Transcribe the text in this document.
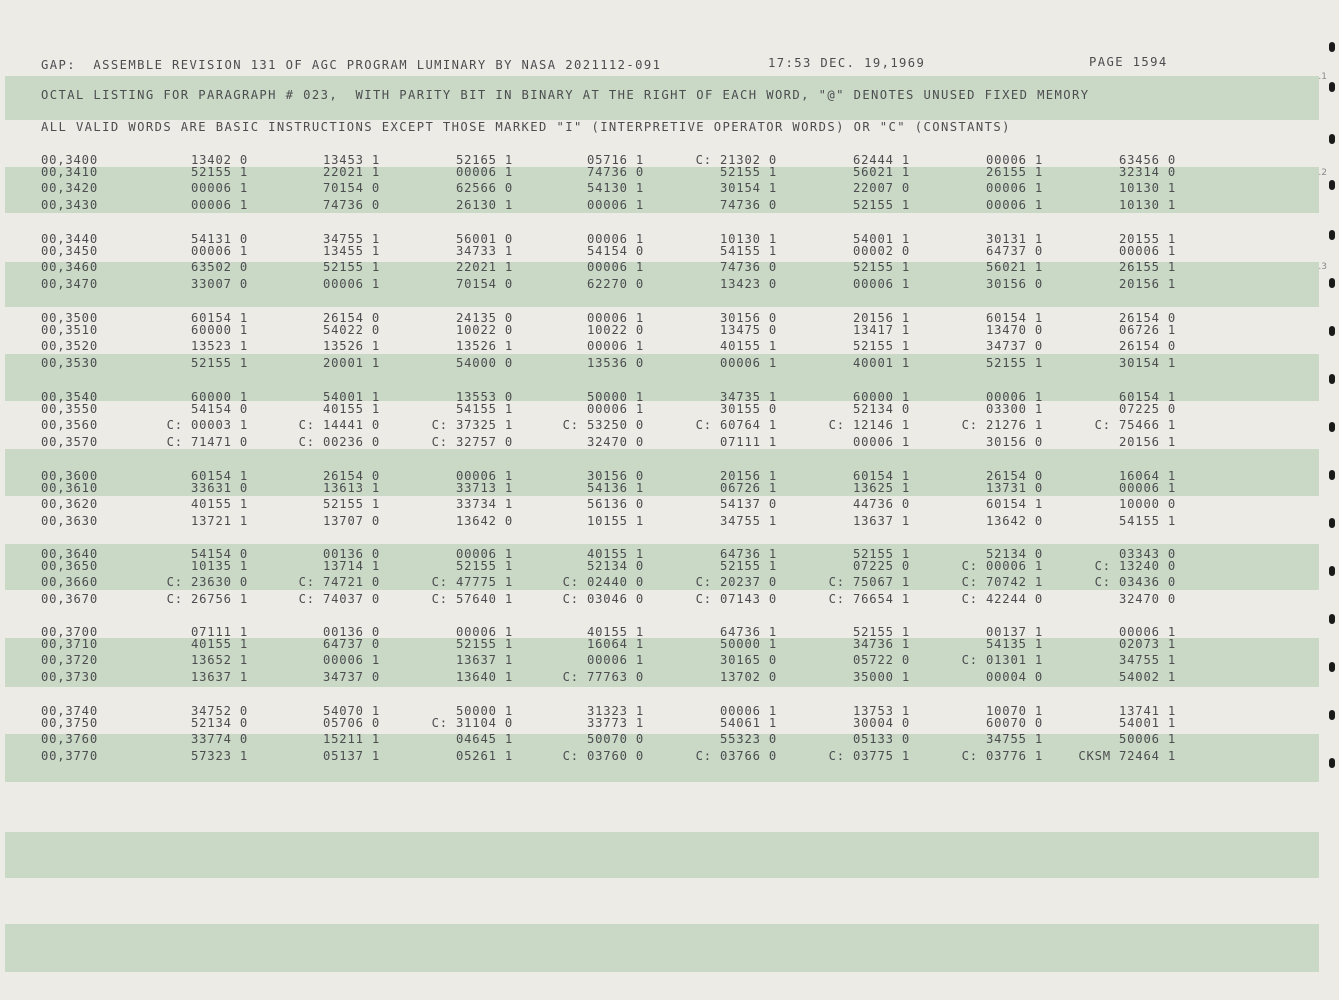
.1
.2
.3
GAP:  ASSEMBLE REVISION 131 OF AGC PROGRAM LUMINARY BY NASA 2021112-091	17:53 DEC. 19,1969	PAGE 1594
OCTAL LISTING FOR PARAGRAPH # 023,  WITH PARITY BIT IN BINARY AT THE RIGHT OF EACH WORD, "@" DENOTES UNUSED FIXED MEMORY
ALL VALID WORDS ARE BASIC INSTRUCTIONS EXCEPT THOSE MARKED "I" (INTERPRETIVE OPERATOR WORDS) OR "C" (CONSTANTS)
00,3400	13402 0	13453 1	52165 1	05716 1	C: 21302 0	62444 1	00006 1	63456 0
00,3410	52155 1	22021 1	00006 1	74736 0	52155 1	56021 1	26155 1	32314 0
00,3420	00006 1	70154 0	62566 0	54130 1	30154 1	22007 0	00006 1	10130 1
00,3430	00006 1	74736 0	26130 1	00006 1	74736 0	52155 1	00006 1	10130 1
00,3440	54131 0	34755 1	56001 0	00006 1	10130 1	54001 1	30131 1	20155 1
00,3450	00006 1	13455 1	34733 1	54154 0	54155 1	00002 0	64737 0	00006 1
00,3460	63502 0	52155 1	22021 1	00006 1	74736 0	52155 1	56021 1	26155 1
00,3470	33007 0	00006 1	70154 0	62270 0	13423 0	00006 1	30156 0	20156 1
00,3500	60154 1	26154 0	24135 0	00006 1	30156 0	20156 1	60154 1	26154 0
00,3510	60000 1	54022 0	10022 0	10022 0	13475 0	13417 1	13470 0	06726 1
00,3520	13523 1	13526 1	13526 1	00006 1	40155 1	52155 1	34737 0	26154 0
00,3530	52155 1	20001 1	54000 0	13536 0	00006 1	40001 1	52155 1	30154 1
00,3540	60000 1	54001 1	13553 0	50000 1	34735 1	60000 1	00006 1	60154 1
00,3550	54154 0	40155 1	54155 1	00006 1	30155 0	52134 0	03300 1	07225 0
00,3560	C: 00003 1	C: 14441 0	C: 37325 1	C: 53250 0	C: 60764 1	C: 12146 1	C: 21276 1	C: 75466 1
00,3570	C: 71471 0	C: 00236 0	C: 32757 0	32470 0	07111 1	00006 1	30156 0	20156 1
00,3600	60154 1	26154 0	00006 1	30156 0	20156 1	60154 1	26154 0	16064 1
00,3610	33631 0	13613 1	33713 1	54136 1	06726 1	13625 1	13731 0	00006 1
00,3620	40155 1	52155 1	33734 1	56136 0	54137 0	44736 0	60154 1	10000 0
00,3630	13721 1	13707 0	13642 0	10155 1	34755 1	13637 1	13642 0	54155 1
00,3640	54154 0	00136 0	00006 1	40155 1	64736 1	52155 1	52134 0	03343 0
00,3650	10135 1	13714 1	52155 1	52134 0	52155 1	07225 0	C: 00006 1	C: 13240 0
00,3660	C: 23630 0	C: 74721 0	C: 47775 1	C: 02440 0	C: 20237 0	C: 75067 1	C: 70742 1	C: 03436 0
00,3670	C: 26756 1	C: 74037 0	C: 57640 1	C: 03046 0	C: 07143 0	C: 76654 1	C: 42244 0	32470 0
00,3700	07111 1	00136 0	00006 1	40155 1	64736 1	52155 1	00137 1	00006 1
00,3710	40155 1	64737 0	52155 1	16064 1	50000 1	34736 1	54135 1	02073 1
00,3720	13652 1	00006 1	13637 1	00006 1	30165 0	05722 0	C: 01301 1	34755 1
00,3730	13637 1	34737 0	13640 1	C: 77763 0	13702 0	35000 1	00004 0	54002 1
00,3740	34752 0	54070 1	50000 1	31323 1	00006 1	13753 1	10070 1	13741 1
00,3750	52134 0	05706 0	C: 31104 0	33773 1	54061 1	30004 0	60070 0	54001 1
00,3760	33774 0	15211 1	04645 1	50070 0	55323 0	05133 0	34755 1	50006 1
00,3770	57323 1	05137 1	05261 1	C: 03760 0	C: 03766 0	C: 03775 1	C: 03776 1	CKSM 72464 1
